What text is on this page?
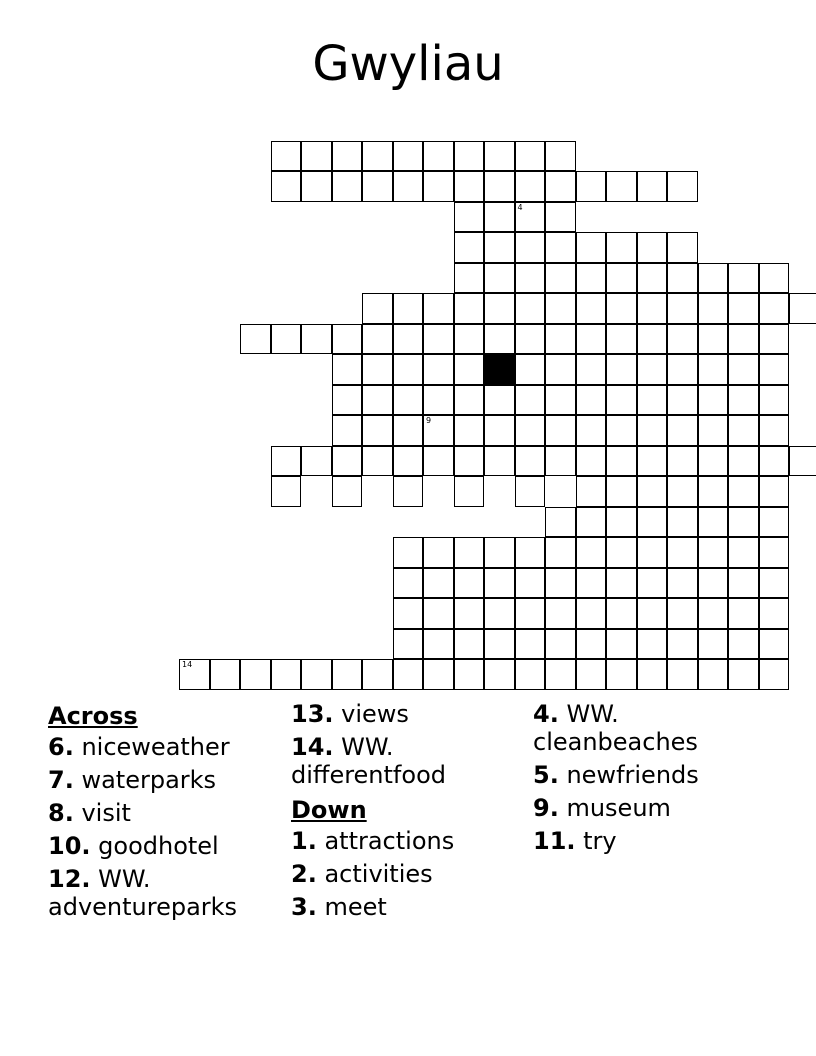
Gwyliau
4
9
14
Across
6. niceweather
7. waterparks
8. visit
10. goodhotel
12. WW. adventureparks
13. views
14. WW. differentfood
Down
1. attractions
2. activities
3. meet
4. WW. cleanbeaches
5. newfriends
9. museum
11. try
